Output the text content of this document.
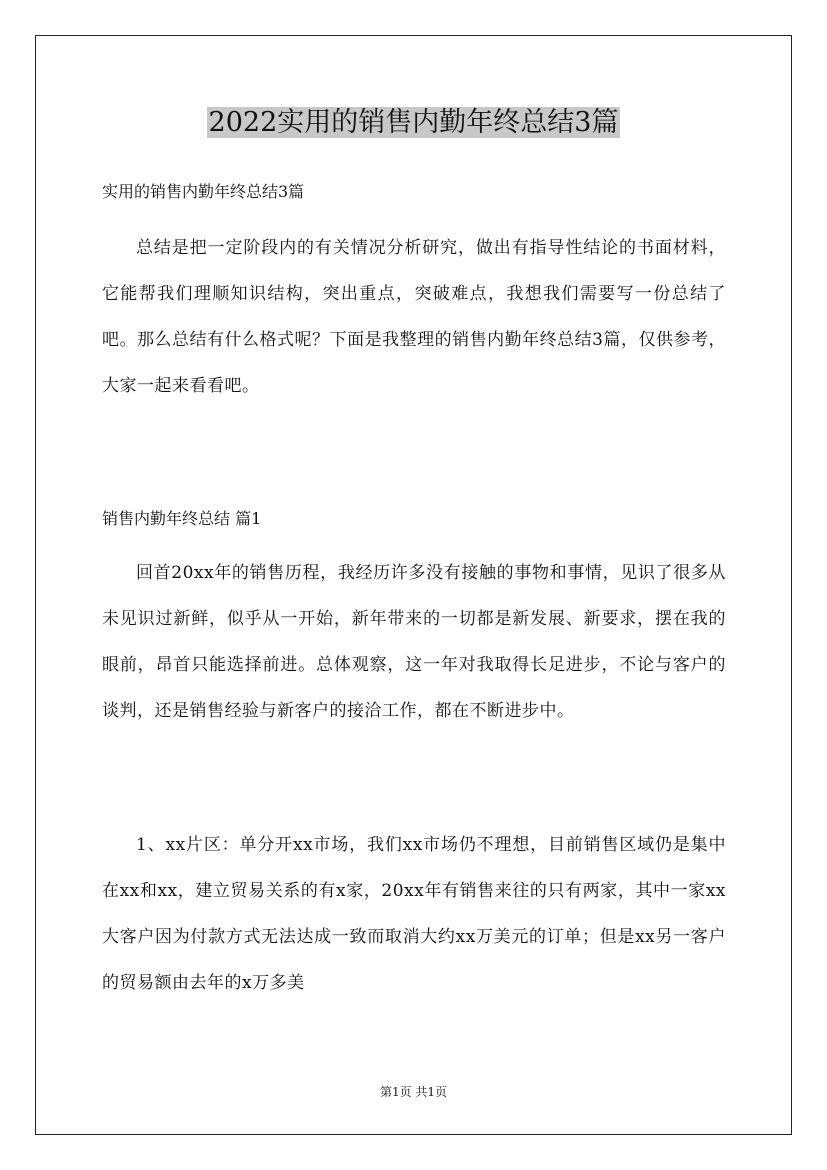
2022实用的销售内勤年终总结3篇
实用的销售内勤年终总结3篇

总结是把一定阶段内的有关情况分析研究，做出有指导性结论的书面材料，它能帮我们理顺知识结构，突出重点，突破难点，我想我们需要写一份总结了吧。那么总结有什么格式呢？下面是我整理的销售内勤年终总结3篇，仅供参考，大家一起来看看吧。

销售内勤年终总结 篇1

回首20xx年的销售历程，我经历许多没有接触的事物和事情，见识了很多从未见识过新鲜，似乎从一开始，新年带来的一切都是新发展、新要求，摆在我的眼前，昂首只能选择前进。总体观察，这一年对我取得长足进步，不论与客户的谈判，还是销售经验与新客户的接洽工作，都在不断进步中。

1、xx片区：单分开xx市场，我们xx市场仍不理想，目前销售区域仍是集中在xx和xx，建立贸易关系的有x家，20xx年有销售来往的只有两家，其中一家xx大客户因为付款方式无法达成一致而取消大约xx万美元的订单；但是xx另一客户的贸易额由去年的x万多美

第1页 共1页
